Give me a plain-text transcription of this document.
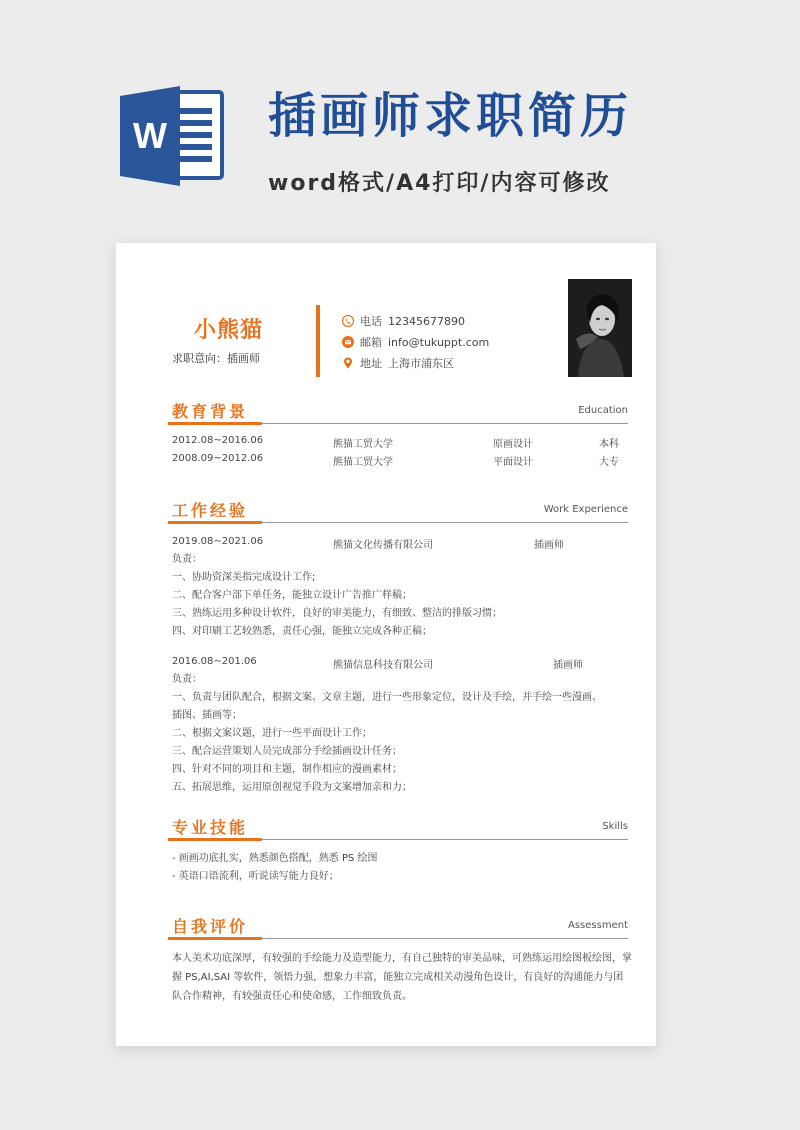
W 插画师求职简历
word格式/A4打印/内容可修改
小熊猫
求职意向：插画师
电话 12345677890
邮箱 info@tukuppt.com
地址 上海市浦东区
教育背景	Education
2012.08~2016.06	熊猫工贸大学	原画设计	本科
2008.09~2012.06	熊猫工贸大学	平面设计	大专
工作经验	Work Experience
2019.08~2021.06	熊猫文化传播有限公司	插画师
负责：
一、协助资深美指完成设计工作;
二、配合客户部下单任务，能独立设计广告推广样稿；
三、熟练运用多种设计软件，良好的审美能力，有细致、整洁的排版习惯；
四、对印刷工艺较熟悉，责任心强，能独立完成各种正稿；
2016.08~201.06	熊猫信息科技有限公司	插画师
负责：
一、负责与团队配合，根据文案、文章主题，进行一些形象定位，设计及手绘，并手绘一些漫画、
插图、插画等；
二、根据文案议题，进行一些平面设计工作；
三、配合运营策划人员完成部分手绘插画设计任务；
四、针对不同的项目和主题，制作相应的漫画素材；
五、拓展思维，运用原创视觉手段为文案增加亲和力；
专业技能	Skills
- 画画功底扎实，熟悉颜色搭配，熟悉 PS 绘图
- 英语口语流利，听说读写能力良好；
自我评价	Assessment
本人美术功底深厚，有较强的手绘能力及造型能力，有自己独特的审美品味，可熟练运用绘图板绘图，掌握 PS,AI,SAI 等软件，领悟力强，想象力丰富，能独立完成相关动漫角色设计，有良好的沟通能力与团队合作精神，有较强责任心和使命感，工作细致负责。
